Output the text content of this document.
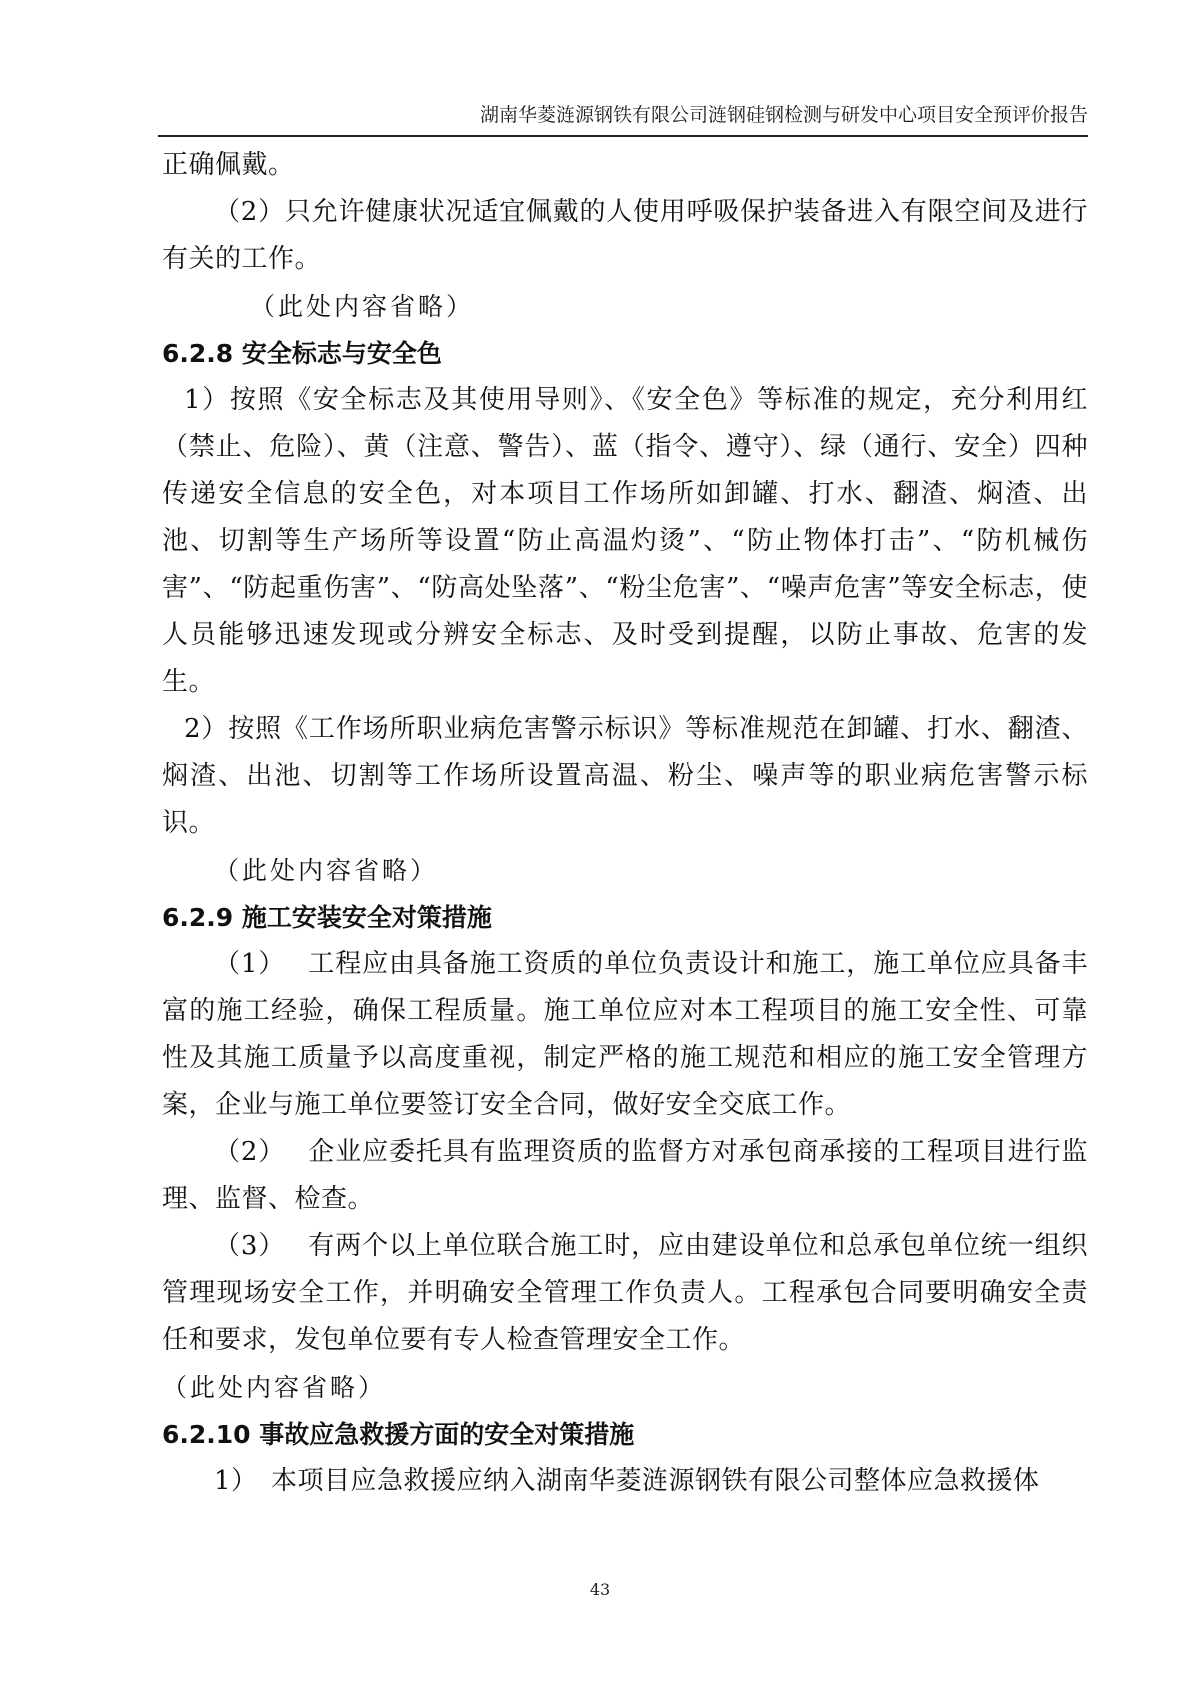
湖南华菱涟源钢铁有限公司涟钢硅钢检测与研发中心项目安全预评价报告

正确佩戴。

（2）只允许健康状况适宜佩戴的人使用呼吸保护装备进入有限空间及进行有关的工作。

（此处内容省略）

6.2.8 安全标志与安全色

1）按照《安全标志及其使用导则》、《安全色》等标准的规定，充分利用红（禁止、危险）、黄（注意、警告）、蓝（指令、遵守）、绿（通行、安全）四种传递安全信息的安全色，对本项目工作场所如卸罐、打水、翻渣、焖渣、出池、切割等生产场所等设置“防止高温灼烫”、“防止物体打击”、“防机械伤害”、“防起重伤害”、“防高处坠落”、“粉尘危害”、“噪声危害”等安全标志，使人员能够迅速发现或分辨安全标志、及时受到提醒，以防止事故、危害的发生。

2）按照《工作场所职业病危害警示标识》等标准规范在卸罐、打水、翻渣、焖渣、出池、切割等工作场所设置高温、粉尘、噪声等的职业病危害警示标识。

（此处内容省略）

6.2.9 施工安装安全对策措施

（1）　 工程应由具备施工资质的单位负责设计和施工，施工单位应具备丰富的施工经验，确保工程质量。施工单位应对本工程项目的施工安全性、可靠性及其施工质量予以高度重视，制定严格的施工规范和相应的施工安全管理方案，企业与施工单位要签订安全合同，做好安全交底工作。

（2）　 企业应委托具有监理资质的监督方对承包商承接的工程项目进行监理、监督、检查。

（3）　 有两个以上单位联合施工时，应由建设单位和总承包单位统一组织管理现场安全工作，并明确安全管理工作负责人。工程承包合同要明确安全责任和要求，发包单位要有专人检查管理安全工作。

（此处内容省略）

6.2.10 事故应急救援方面的安全对策措施

1）　本项目应急救援应纳入湖南华菱涟源钢铁有限公司整体应急救援体

43
